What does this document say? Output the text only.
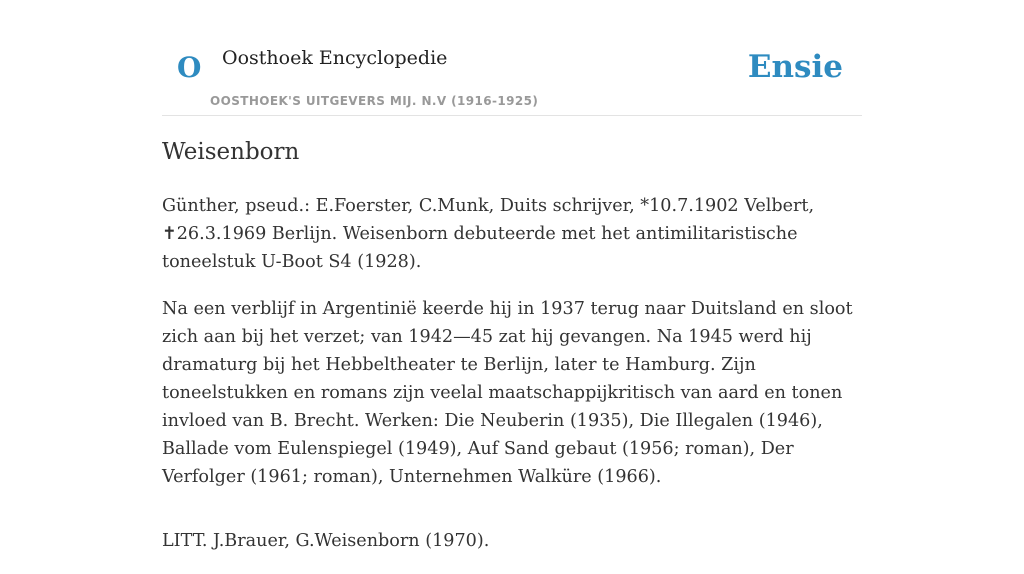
O Oosthoek Encyclopedie
OOSTHOEK'S UITGEVERS MIJ. N.V (1916-1925)
Ensie
Weisenborn

Günther, pseud.: E.Foerster, C.Munk, Duits schrijver, *10.7.1902 Velbert, ✝26.3.1969 Berlijn. Weisenborn debuteerde met het antimilitaristische toneelstuk U-Boot S4 (1928).

Na een verblijf in Argentinië keerde hij in 1937 terug naar Duitsland en sloot zich aan bij het verzet; van 1942—45 zat hij gevangen. Na 1945 werd hij dramaturg bij het Hebbeltheater te Berlijn, later te Hamburg. Zijn toneelstukken en romans zijn veelal maatschappijkritisch van aard en tonen invloed van B. Brecht. Werken: Die Neuberin (1935), Die Illegalen (1946), Ballade vom Eulenspiegel (1949), Auf Sand gebaut (1956; roman), Der Verfolger (1961; roman), Unternehmen Walküre (1966).

LITT. J.Brauer, G.Weisenborn (1970).
